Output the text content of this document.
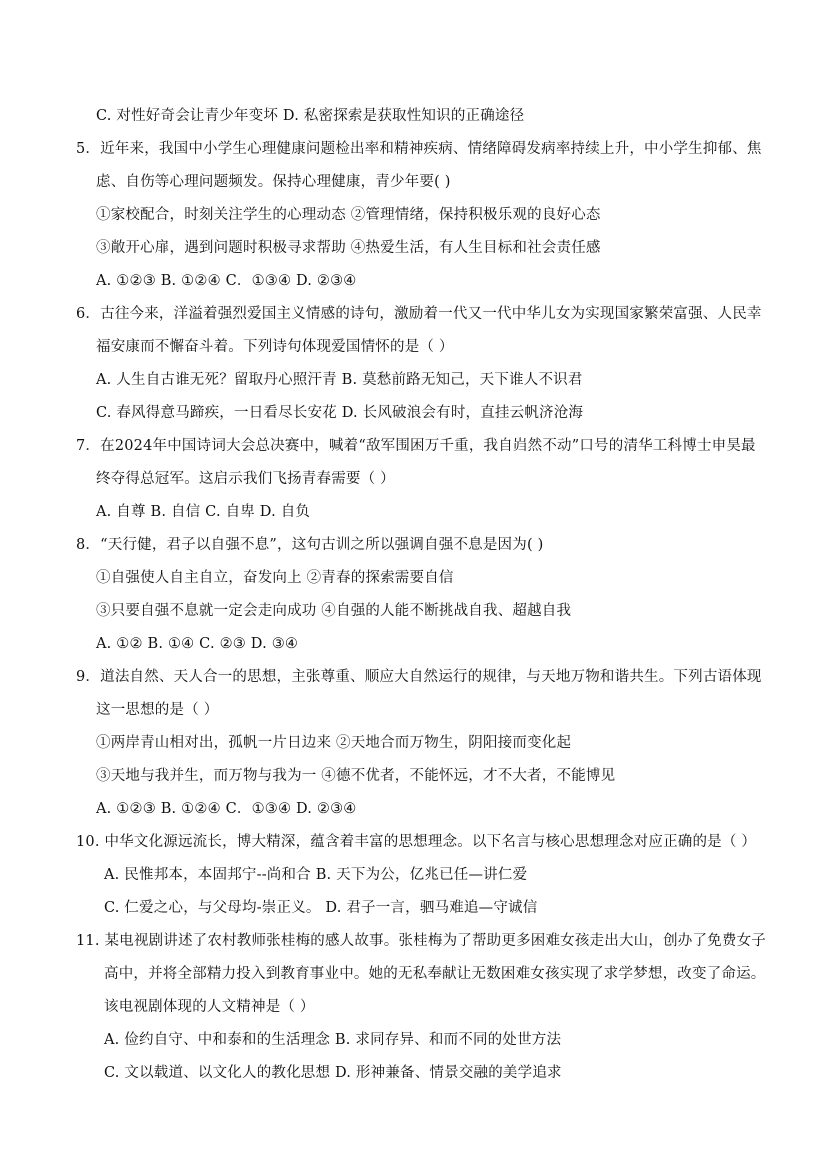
C. 对性好奇会让青少年变坏 D. 私密探索是获取性知识的正确途径
5．近年来，我国中小学生心理健康问题检出率和精神疾病、情绪障碍发病率持续上升，中小学生抑郁、焦
虑、自伤等心理问题频发。保持心理健康，青少年要( )
①家校配合，时刻关注学生的心理动态 ②管理情绪，保持积极乐观的良好心态
③敞开心扉，遇到问题时积极寻求帮助 ④热爱生活，有人生目标和社会责任感
A. ①②③ B. ①②④ C．①③④ D. ②③④
6．古往今来，洋溢着强烈爱国主义情感的诗句，激励着一代又一代中华儿女为实现国家繁荣富强、人民幸
福安康而不懈奋斗着。下列诗句体现爱国情怀的是（ ）
A. 人生自古谁无死？留取丹心照汗青 B. 莫愁前路无知己，天下谁人不识君
C. 春风得意马蹄疾，一日看尽长安花 D. 长风破浪会有时，直挂云帆济沧海
7．在2024年中国诗词大会总决赛中，喊着“敌军围困万千重，我自岿然不动”口号的清华工科博士申昊最
终夺得总冠军。这启示我们飞扬青春需要（ ）
A. 自尊 B. 自信 C. 自卑 D. 自负
8．“天行健，君子以自强不息”，这句古训之所以强调自强不息是因为( )
①自强使人自主自立，奋发向上 ②青春的探索需要自信
③只要自强不息就一定会走向成功 ④自强的人能不断挑战自我、超越自我
A. ①② B. ①④ C. ②③ D. ③④
9．道法自然、天人合一的思想，主张尊重、顺应大自然运行的规律，与天地万物和谐共生。下列古语体现
这一思想的是（ ）
①两岸青山相对出，孤帆一片日边来 ②天地合而万物生，阴阳接而变化起
③天地与我并生，而万物与我为一 ④德不优者，不能怀远，才不大者，不能博见
A. ①②③ B. ①②④ C．①③④ D. ②③④
10. 中华文化源远流长，博大精深，蕴含着丰富的思想理念。以下名言与核心思想理念对应正确的是（ ）
A. 民惟邦本，本固邦宁--尚和合 B. 天下为公，亿兆已任—讲仁爱
C. 仁爱之心，与父母均-崇正义。 D. 君子一言，驷马难追—守诚信
11. 某电视剧讲述了农村教师张桂梅的感人故事。张桂梅为了帮助更多困难女孩走出大山，创办了免费女子
高中，并将全部精力投入到教育事业中。她的无私奉献让无数困难女孩实现了求学梦想，改变了命运。
该电视剧体现的人文精神是（ ）
A. 俭约自守、中和泰和的生活理念 B. 求同存异、和而不同的处世方法
C. 文以载道、以文化人的教化思想 D. 形神兼备、情景交融的美学追求
